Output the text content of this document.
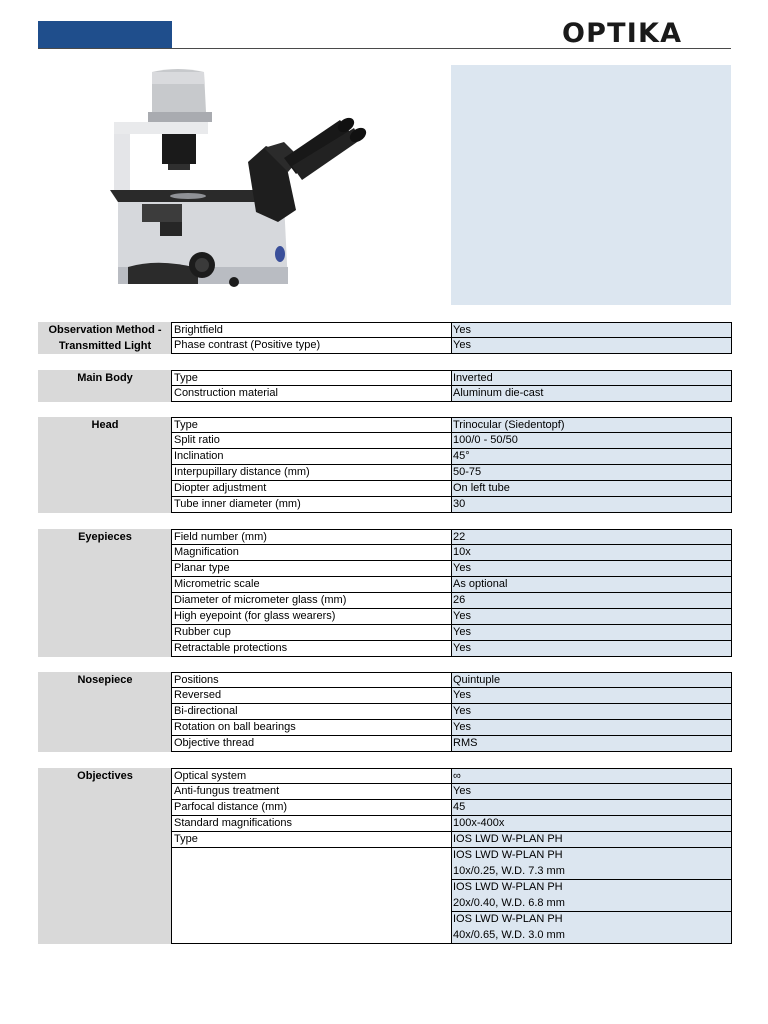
OPTIKA
Observation Method - Transmitted Light
Brightfield	Yes
Phase contrast (Positive type)	Yes
Main Body	Type	Inverted
Construction material	Aluminum die-cast
Head	Type	Trinocular (Siedentopf)
Split ratio	100/0 - 50/50
Inclination	45°
Interpupillary distance (mm)	50-75
Diopter adjustment	On left tube
Tube inner diameter (mm)	30
Eyepieces	Field number (mm)	22
Magnification	10x
Planar type	Yes
Micrometric scale	As optional
Diameter of micrometer glass (mm)	26
High eyepoint (for glass wearers)	Yes
Rubber cup	Yes
Retractable protections	Yes
Nosepiece	Positions	Quintuple
Reversed	Yes
Bi-directional	Yes
Rotation on ball bearings	Yes
Objective thread	RMS
Objectives	Optical system	∞
Anti-fungus treatment	Yes
Parfocal distance (mm)	45
Standard magnifications	100x-400x
Type	IOS LWD W-PLAN PH
IOS LWD W-PLAN PH
10x/0.25, W.D. 7.3 mm
IOS LWD W-PLAN PH
20x/0.40, W.D. 6.8 mm
IOS LWD W-PLAN PH
40x/0.65, W.D. 3.0 mm
